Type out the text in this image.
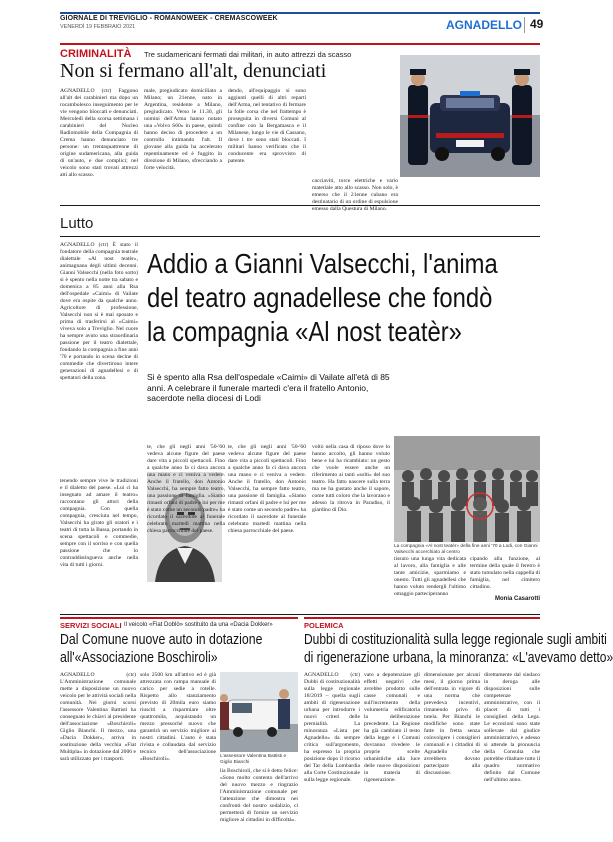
GIORNALE DI TREVIGLIO - ROMANOWEEK - CREMASCOWEEK
VENERDÌ 19 FEBBRAIO 2021	AGNADELLO 49
CRIMINALITÀ Tre sudamericani fermati dai militari, in auto attrezzi da scasso
Non si fermano all'alt, denunciati
AGNADELLO (ctr) Faggono all'alt dei carabinieri ma dopo un rocambolesco inseguimento per le vie vengono bloccati e denunciati. Mercoledì della scorsa settimana i carabinieri del Nucleo Radiomobile della Compagnia di Crema hanno denunciato tre persone: un trentaquattrenne di origine sudamericana, alla guida di un'auto, e due complici; nel veicolo sono stati trovati attrezzi atti allo scasso.
male, pregiudicato domiciliato a Milano; un 21enne, nato in Argentina, residente a Milano, pregiudicato. Verso le 11.30, gli uomini dell'Arma hanno notato una «Volvo S60» in paese, quindi hanno deciso di procedere a un controllo intimando l'alt. Il giovane alla guida ha accelerato repentinamente ed è fuggito in direzione di Milano, sfrecciando a forte velocità.
dendo, all'equipaggio si sono aggiunti quelli di altri reparti dell'Arma, nel tentativo di fermare la folle corsa che nel frattempo è proseguita in diversi Comuni al confine con la Bergamasca e il Milanese, lungo le vie di Cassano, dove i tre sono stati bloccati. I militari hanno verificato che il conducente era sprovvisto di patente.
cacciaviti, torce elettriche e vario materiale atto allo scasso. Non solo, è emerso che il 21enne cubano era destinatario di un ordine di espulsione emesso dalla Questura di Milano.
Lutto
AGNADELLO (ctr) È stato il fondatore della compagnia teatrale dialettale «Al nost teatèr», animagnana degli ultimi decenni. Gianni Valsecchi (nella foto sotto) si è spento nella notte tra sabato e domenica a 85 anni alla Rsa dell'ospedale «Caimi» di Vailate dove era ospite da qualche anno. Agricoltore di professione, Valsecchi non si è mai sposato e prima di trasferirsi al «Caimi» viveva solo a Treviglio. Nel cuore ha sempre avuto una straordinaria passione per il teatro dialettale, fondando la compagnia a fine anni '70 e portando in scena decine di commedie che divertirono intere generazioni di agnadellesi e di spettatori della zona.
Addio a Gianni Valsecchi, l'anima
del teatro agnadellese che fondò
la compagnia «Al nost teatèr»
Si è spento alla Rsa dell'ospedale «Caimi» di Vailate all'età di 85 anni. A celebrare il funerale martedì c'era il fratello Antonio, sacerdote nella diocesi di Lodi
tenendo sempre vive le tradizioni e il dialetto del paese. «Lui ci ha insegnato ad amare il teatro» raccontano gli attori della compagnia. Con quella compagnia, cresciuta nel tempo, Valsecchi ha girato gli oratori e i teatri di tutta la Bassa, portando in scena spettacoli e commedie, sempre con il sorriso e con quella passione che lo contraddistingueva anche nella vita di tutti i giorni.
te, che gli negli anni '50-'60 vedeva alcune figure del paese dare vita a piccoli spettacoli. Fino a qualche anno fa ci dava ancora una mano e ci veniva a vedere. Anche il fratello, don Antonio Valsecchi, ha sempre fatto teatro, una passione di famiglia. «Siamo rimasti orfani di padre e lui per me è stato come un secondo padre» ha ricordato il sacerdote al funerale celebrato martedì mattina nella chiesa parrocchiale del paese.
te, che gli negli anni '50-'60 vedeva alcune figure del paese dare vita a piccoli spettacoli. Fino a qualche anno fa ci dava ancora una mano e ci veniva a vedere. Anche il fratello, don Antonio Valsecchi, ha sempre fatto teatro, una passione di famiglia. «Siamo rimasti orfani di padre e lui per me è stato come un secondo padre» ha ricordato il sacerdote al funerale celebrato martedì mattina nella chiesa parrocchiale del paese.
voltò nella casa di riposo dove lo hanno accolto, gli hanno voluto bene e lui ha ricambiato: un gesto che vuole essere anche un riferimento ai tanti «solti» del suo teatro. Ha fatto nascere sulla terra ma ne ha gustato anche il sapore, come tutti coloro che la lavorano e adesso la ritrova in Paradiso, il giardino di Dio.
La compagnia «Al nost teatèr» della fine anni '70 a Lodi, con Gianni Valsecchi accerchiato al centro
tissuto una lunga vita dedicata al lavoro, alla famiglia e alle tante amicizie, sparmiamo e onesto. Tutti gli agnadellesi che hanno voluto rendergli l'ultimo omaggio parteciperanno
cipando alla funzione, al termine della quale il feretro è stato tumulato nella cappella di famiglia, nel cimitero cittadino.
Monia Casarotti
SERVIZI SOCIALI Il veicolo «Fiat Doblò» sostituito da una «Dacia Dokker»
Dal Comune nuove auto in dotazione
all'«Associazione Boschiroli»
AGNADELLO (ctr) L'Amministrazione comunale mette a disposizione un nuovo veicolo per le attività sociali nella comunità. Nei giorni scorsi l'assessore Valentina Battisti ha consegnato le chiavi al presidente dell'associazione «Boschiroli» Giglio Bianchi. Il mezzo, una «Dacia Dokker», arriva in sostituzione della vecchia «Fiat Multipla» in dotazione dal 2006 e sarà utilizzato per i trasporti.
solo 2500 km all'attivo ed è già attrezzata con rampa manuale di carico per sedie a rotelle. Rispetto allo stanziamento previsto di 20mila euro siamo riusciti a risparmiare oltre quattromila, acquistando un mezzo pressoché nuovo che garantirà un servizio migliore ai nostri cittadini. L'auto è stata rivista e collaudata dal servizio tecnico dell'associazione «Boschiroli».	L'assessore Valentina Battisti e Giglio Bianchi
lia Boschiroli, che si è detto felice: «Sono molto contento dell'arrivo del nuovo mezzo e ringrazio l'Amministrazione comunale per l'attenzione che dimostra nei confronti del nostro sodalizio, ci permetterà di fornire un servizio migliore ai cittadini in difficoltà».
POLEMICA
Dubbi di costituzionalità sulla legge regionale sugli ambiti
di rigenerazione urbana, la minoranza: «L'avevamo detto»
AGNADELLO (ctr) Dubbi di costituzionalità sulla legge regionale 18/2019 – quella sugli ambiti di rigenerazione urbana per introdurre i nuovi criteri delle premialità. La minoranza «Lista per Agnadello» da sempre critica sull'argomento, ha espresso la propria posizione dopo il ricorso del Tar della Lombardia alla Corte Costituzionale sulla legge regionale.
vato a depotenziare gli effetti negativi che avrebbe prodotto sulle casse comunali e sull'incremento della volumetria edificatoria la deliberazione precedente. La Regione ha già cambiato il testo della legge e i Comuni dovranno rivedere le proprie scelte urbanistiche alla luce delle nuove disposizioni in materia di rigenerazione.
dimensionate per alcuni mesi, il giorno prima dell'entrata in vigore di una norma che prevedeva incentivi, rimanendo privo di tutela. Per Bianchi le modifiche sono state fatte in fretta senza coinvolgere i consiglieri comunali e i cittadini di Agnadello che avrebbero dovuto partecipare alla discussione.
direttamente dal sindaco in deroga alle disposizioni sulle competenze amministrative, con il placet di tutti i consiglieri della Lega. Le eccezioni sono state sollevate dal giudice amministrativo, e adesso si attende la pronuncia della Consulta che potrebbe ribaltare tutto il quadro normativo definito dal Comune nell'ultimo anno.
